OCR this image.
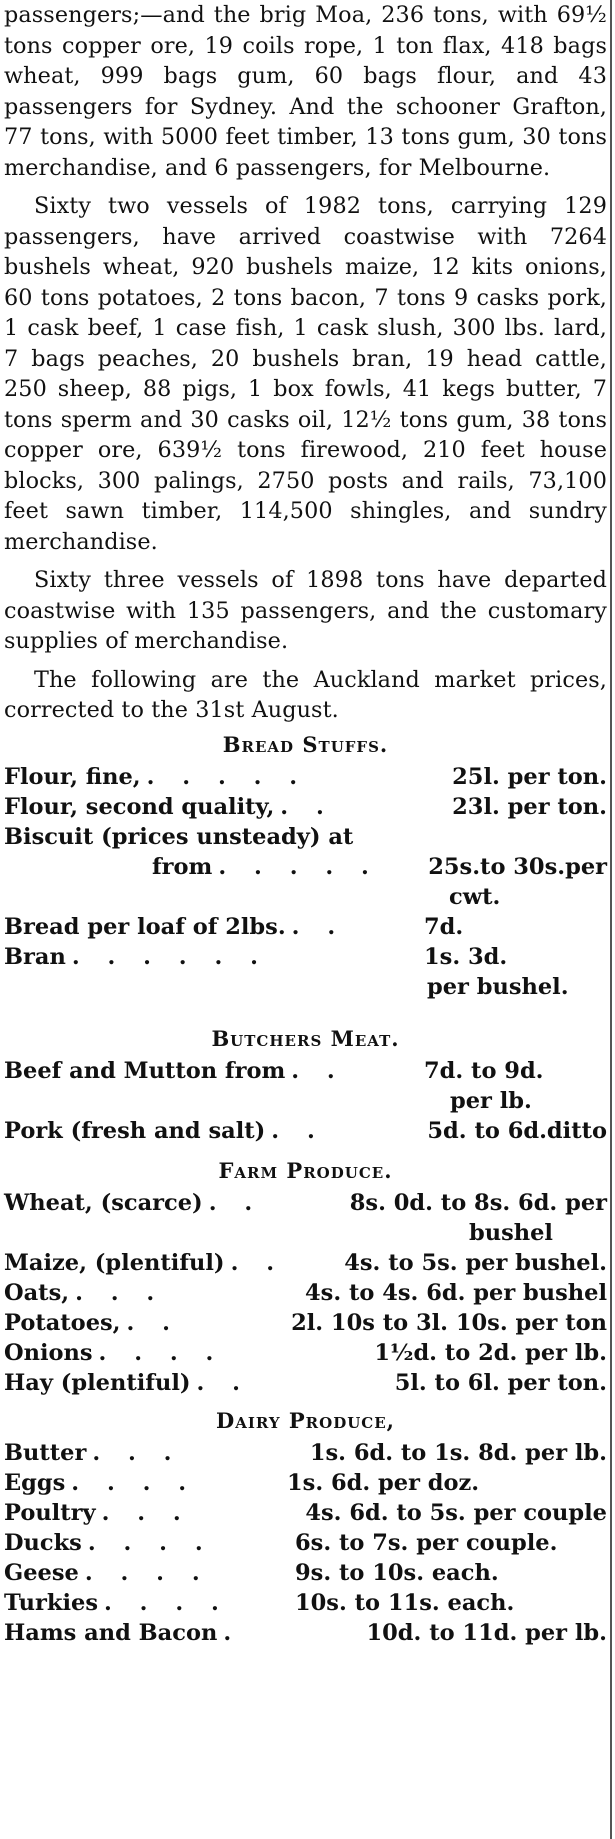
passengers;—and the brig Moa, 236 tons, with 69½ tons copper ore, 19 coils rope, 1 ton flax, 418 bags wheat, 999 bags gum, 60 bags flour, and 43 passengers for Sydney. And the schooner Grafton, 77 tons, with 5000 feet timber, 13 tons gum, 30 tons merchandise, and 6 passengers, for Melbourne.

Sixty two vessels of 1982 tons, carrying 129 passengers, have arrived coastwise with 7264 bushels wheat, 920 bushels maize, 12 kits onions, 60 tons potatoes, 2 tons bacon, 7 tons 9 casks pork, 1 cask beef, 1 case fish, 1 cask slush, 300 lbs. lard, 7 bags peaches, 20 bushels bran, 19 head cattle, 250 sheep, 88 pigs, 1 box fowls, 41 kegs butter, 7 tons sperm and 30 casks oil, 12½ tons gum, 38 tons copper ore, 639½ tons firewood, 210 feet house blocks, 300 palings, 2750 posts and rails, 73,100 feet sawn timber, 114,500 shingles, and sundry merchandise.

Sixty three vessels of 1898 tons have departed coastwise with 135 passengers, and the customary supplies of merchandise.

The following are the Auckland market prices, corrected to the 31st August.

Bread Stuffs.
Flour, fine, . . . . .	25l. per ton.
Flour, second quality, . .	23l. per ton.
Biscuit (prices unsteady) at
from . . . . .	25s.to 30s.per
cwt.
Bread per loaf of 2lbs. . .	7d.
Bran . . . . . .	1s. 3d.
per bushel.
Butchers Meat.
Beef and Mutton from . .	7d. to 9d.
per lb.
Pork (fresh and salt) . .	5d. to 6d.ditto
Farm Produce.
Wheat, (scarce) . .	8s. 0d. to 8s. 6d. per
bushel
Maize, (plentiful) . .	4s. to 5s. per bushel.
Oats, . . .	4s. to 4s. 6d. per bushel
Potatoes, . .	2l. 10s to 3l. 10s. per ton
Onions . . . .	1½d. to 2d. per lb.
Hay (plentiful) . .	5l. to 6l. per ton.
Dairy Produce,
Butter . . .	1s. 6d. to 1s. 8d. per lb.
Eggs . . . .	1s. 6d. per doz.
Poultry . . .	4s. 6d. to 5s. per couple
Ducks . . . .	6s. to 7s. per couple.
Geese . . . .	9s. to 10s. each.
Turkies . . . .	10s. to 11s. each.
Hams and Bacon .	10d. to 11d. per lb.
